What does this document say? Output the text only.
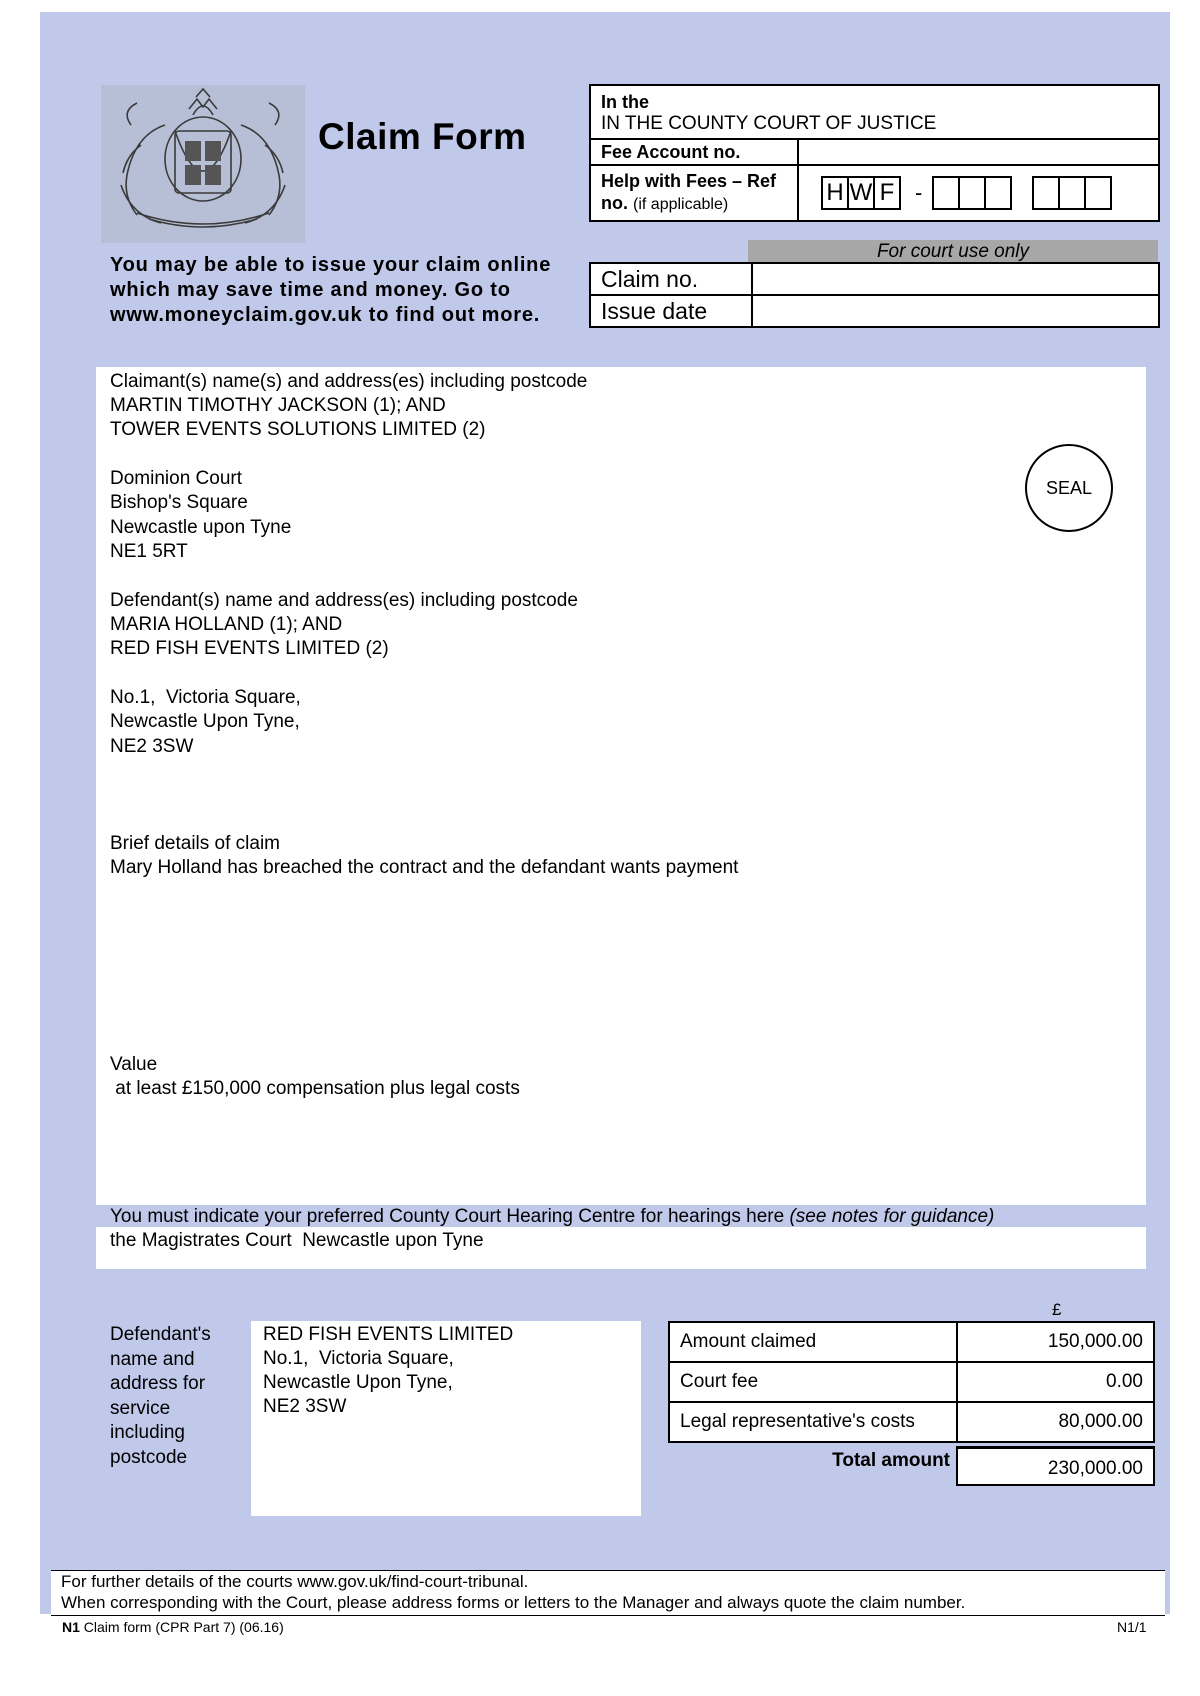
Claim Form
You may be able to issue your claim online which may save time and money. Go to www.moneyclaim.gov.uk to find out more.
In the
IN THE COUNTY COURT OF JUSTICE	

Fee Account no.	
Help with Fees – Ref no. (if applicable)	H W F -
For court use only
Claim no.	
Issue date	
Claimant(s) name(s) and address(es) including postcode
MARTIN TIMOTHY JACKSON (1); AND
TOWER EVENTS SOLUTIONS LIMITED (2)
Dominion Court
Bishop's Square
Newcastle upon Tyne
NE1 5RT
SEAL
Defendant(s) name and address(es) including postcode
MARIA HOLLAND (1); AND
RED FISH EVENTS LIMITED (2)
No.1,  Victoria Square,
Newcastle Upon Tyne,
NE2 3SW
Brief details of claim
Mary Holland has breached the contract and the defandant wants payment
Value
at least £150,000 compensation plus legal costs
You must indicate your preferred County Court Hearing Centre for hearings here (see notes for guidance)
the Magistrates Court  Newcastle upon Tyne
Defendant's
name and
address for
service
including
postcode
RED FISH EVENTS LIMITED
No.1,  Victoria Square,
Newcastle Upon Tyne,
NE2 3SW
£
Amount claimed	150,000.00
Court fee	0.00
Legal representative's costs	80,000.00
Total amount	230,000.00
For further details of the courts www.gov.uk/find-court-tribunal.
When corresponding with the Court, please address forms or letters to the Manager and always quote the claim number.
N1 Claim form (CPR Part 7) (06.16)	N1/1
